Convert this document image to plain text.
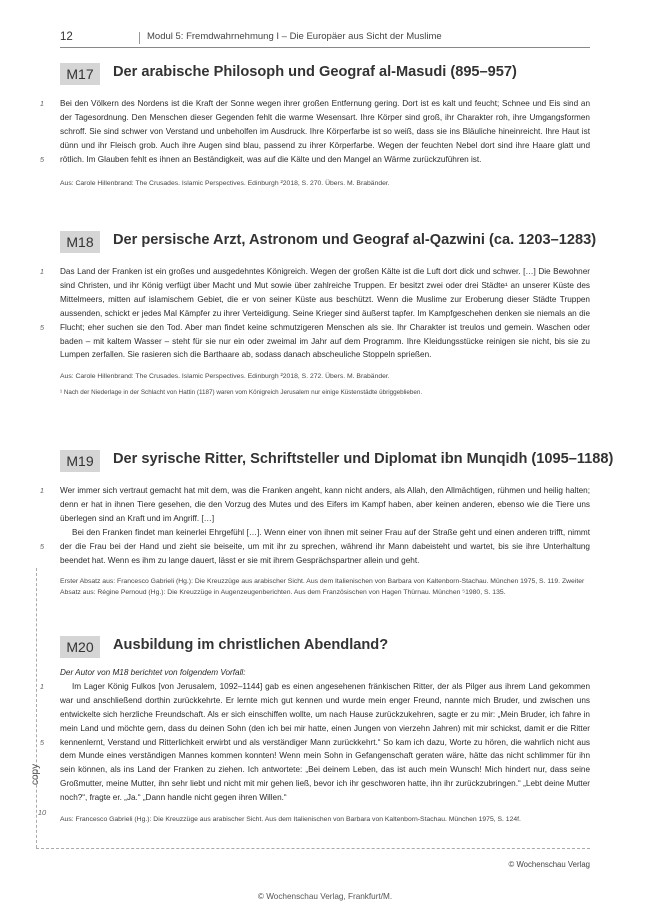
12	Modul 5: Fremdwahrnehmung I – Die Europäer aus Sicht der Muslime
M17	Der arabische Philosoph und Geograf al-Masudi (895–957)
1
5
Bei den Völkern des Nordens ist die Kraft der Sonne wegen ihrer großen Entfernung gering. Dort ist es kalt und feucht; Schnee und Eis sind an der Tagesordnung. Den Menschen dieser Gegenden fehlt die warme Wesensart. Ihre Körper sind groß, ihr Charakter roh, ihre Umgangsformen schroff. Sie sind schwer von Verstand und unbeholfen im Ausdruck. Ihre Körperfarbe ist so weiß, dass sie ins Bläuliche hineinreicht. Ihre Haut ist dünn und ihr Fleisch grob. Auch ihre Augen sind blau, passend zu ihrer Körperfarbe. Wegen der feuchten Nebel dort sind ihre Haare glatt und rötlich. Im Glauben fehlt es ihnen an Beständigkeit, was auf die Kälte und den Mangel an Wärme zurückzuführen ist.
Aus: Carole Hillenbrand: The Crusades. Islamic Perspectives. Edinburgh ²2018, S. 270. Übers. M. Brabänder.
M18	Der persische Arzt, Astronom und Geograf al-Qazwini (ca. 1203–1283)
1
5
Das Land der Franken ist ein großes und ausgedehntes Königreich. Wegen der großen Kälte ist die Luft dort dick und schwer. […] Die Bewohner sind Christen, und ihr König verfügt über Macht und Mut sowie über zahlreiche Truppen. Er besitzt zwei oder drei Städte¹ an unserer Küste des Mittelmeers, mitten auf islamischem Gebiet, die er von seiner Küste aus beschützt. Wenn die Muslime zur Eroberung dieser Städte Truppen aussenden, schickt er jedes Mal Kämpfer zu ihrer Verteidigung. Seine Krieger sind äußerst tapfer. Im Kampfgeschehen denken sie niemals an die Flucht; eher suchen sie den Tod. Aber man findet keine schmutzigeren Menschen als sie. Ihr Charakter ist treulos und gemein. Waschen oder baden – mit kaltem Wasser – steht für sie nur ein oder zweimal im Jahr auf dem Programm. Ihre Kleidungsstücke reinigen sie nicht, bis sie zu Lumpen zerfallen. Sie rasieren sich die Barthaare ab, sodass danach abscheuliche Stoppeln sprießen.
Aus: Carole Hillenbrand: The Crusades. Islamic Perspectives. Edinburgh ²2018, S. 272. Übers. M. Brabänder.
¹ Nach der Niederlage in der Schlacht von Hattin (1187) waren vom Königreich Jerusalem nur einige Küstenstädte übriggeblieben.
M19	Der syrische Ritter, Schriftsteller und Diplomat ibn Munqidh (1095–1188)
1
5
Wer immer sich vertraut gemacht hat mit dem, was die Franken angeht, kann nicht anders, als Allah, den Allmächtigen, rühmen und heilig halten; denn er hat in ihnen Tiere gesehen, die den Vorzug des Mutes und des Eifers im Kampf haben, aber keinen anderen, ebenso wie die Tiere uns überlegen sind an Kraft und im Angriff. […]
Bei den Franken findet man keinerlei Ehrgefühl […]. Wenn einer von ihnen mit seiner Frau auf der Straße geht und einen anderen trifft, nimmt der die Frau bei der Hand und zieht sie beiseite, um mit ihr zu sprechen, während ihr Mann dabeisteht und wartet, bis sie ihre Unterhaltung beendet hat. Wenn es ihm zu lange dauert, lässt er sie mit ihrem Gesprächspartner allein und geht.
Erster Absatz aus: Francesco Gabrieli (Hg.): Die Kreuzzüge aus arabischer Sicht. Aus dem Italienischen von Barbara von Kaltenborn-Stachau. München 1975, S. 119. Zweiter Absatz aus: Régine Pernoud (Hg.): Die Kreuzzüge in Augenzeugenberichten. Aus dem Französischen von Hagen Thürnau. München ⁵1980, S. 135.
M20	Ausbildung im christlichen Abendland?
Der Autor von M18 berichtet von folgendem Vorfall:
1
5
10
Im Lager König Fulkos [von Jerusalem, 1092–1144] gab es einen angesehenen fränkischen Ritter, der als Pilger aus ihrem Land gekommen war und anschließend dorthin zurückkehrte. Er lernte mich gut kennen und wurde mein enger Freund, nannte mich Bruder, und zwischen uns entwickelte sich herzliche Freundschaft. Als er sich einschiffen wollte, um nach Hause zurückzukehren, sagte er zu mir: „Mein Bruder, ich fahre in mein Land und möchte gern, dass du deinen Sohn (den ich bei mir hatte, einen Jungen von vierzehn Jahren) mit mir schickst, damit er die Ritter kennenlernt, Verstand und Ritterlichkeit erwirbt und als verständiger Mann zurückkehrt.“ So kam ich dazu, Worte zu hören, die wahrlich nicht aus dem Munde eines verständigen Mannes kommen konnten! Wenn mein Sohn in Gefangenschaft geraten wäre, hätte das nicht schlimmer für ihn sein können, als ins Land der Franken zu ziehen. Ich antwortete: „Bei deinem Leben, das ist auch mein Wunsch! Mich hindert nur, dass seine Großmutter, meine Mutter, ihn sehr liebt und nicht mit mir gehen ließ, bevor ich ihr geschworen hatte, ihn ihr zurückzubringen.“ „Lebt deine Mutter noch?“, fragte er. „Ja.“ „Dann handle nicht gegen ihren Willen.“
Aus: Francesco Gabrieli (Hg.): Die Kreuzzüge aus arabischer Sicht. Aus dem Italienischen von Barbara von Kaltenborn-Stachau. München 1975, S. 124f.
copy
© Wochenschau Verlag
© Wochenschau Verlag, Frankfurt/M.
